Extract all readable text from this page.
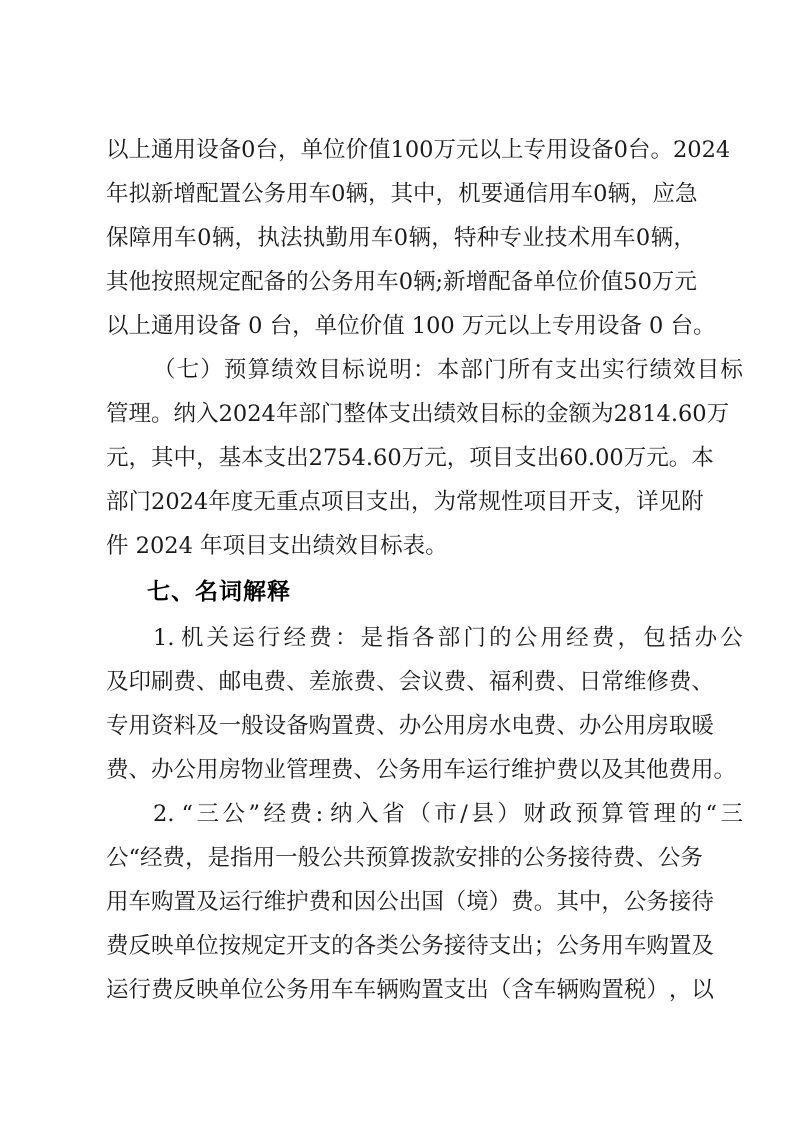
以 上 通 用 设 备 0 台 ， 单 位 价 值 100 万 元 以 上 专 用 设 备 0 台 。 2024
年 拟 新 增 配 置 公 务 用 车 0 辆 ， 其 中 ， 机 要 通 信 用 车 0 辆 ， 应 急
保 障 用 车 0 辆 ， 执 法 执 勤 用 车 0 辆 ， 特 种 专 业 技 术 用 车 0 辆 ，
其 他 按 照 规 定 配 备 的 公 务 用 车 0 辆 ; 新 增 配 备 单 位 价 值 50 万 元
以上通用设备 0 台，单位价值 100 万元以上专用设备 0 台。
（ 七 ） 预 算 绩 效 目 标 说 明 ： 本 部 门 所 有 支 出 实 行 绩 效 目 标
管 理 。 纳 入 2024 年 部 门 整 体 支 出 绩 效 目 标 的 金 额 为 2814.60 万
元 ， 其 中 ， 基 本 支 出 2754.60 万 元 ， 项 目 支 出 60.00 万 元 。 本
部 门 2024 年 度 无 重 点 项 目 支 出 ， 为 常 规 性 项 目 开 支 ， 详 见 附
件 2024 年项目支出绩效目标表。
七、名词解释
1. 机 关 运 行 经 费 ： 是 指 各 部 门 的 公 用 经 费 ， 包 括 办 公
及 印 刷 费 、 邮 电 费 、 差 旅 费 、 会 议 费 、 福 利 费 、 日 常 维 修 费 、
专 用 资 料 及 一 般 设 备 购 置 费 、 办 公 用 房 水 电 费 、 办 公 用 房 取 暖
费、办公用房物业管理费、公务用车运行维护费以及其他费用。
2. “ 三 公 ” 经 费 : 纳 入 省 （ 市 / 县 ） 财 政 预 算 管 理 的 “ 三
公 “ 经 费 ， 是 指 用 一 般 公 共 预 算 拨 款 安 排 的 公 务 接 待 费 、 公 务
用 车 购 置 及 运 行 维 护 费 和 因 公 出 国 （ 境 ） 费 。 其 中 ， 公 务 接 待
费 反 映 单 位 按 规 定 开 支 的 各 类 公 务 接 待 支 出 ； 公 务 用 车 购 置 及
运 行 费 反 映 单 位 公 务 用 车 车 辆 购 置 支 出 （ 含 车 辆 购 置 税 ） ， 以
